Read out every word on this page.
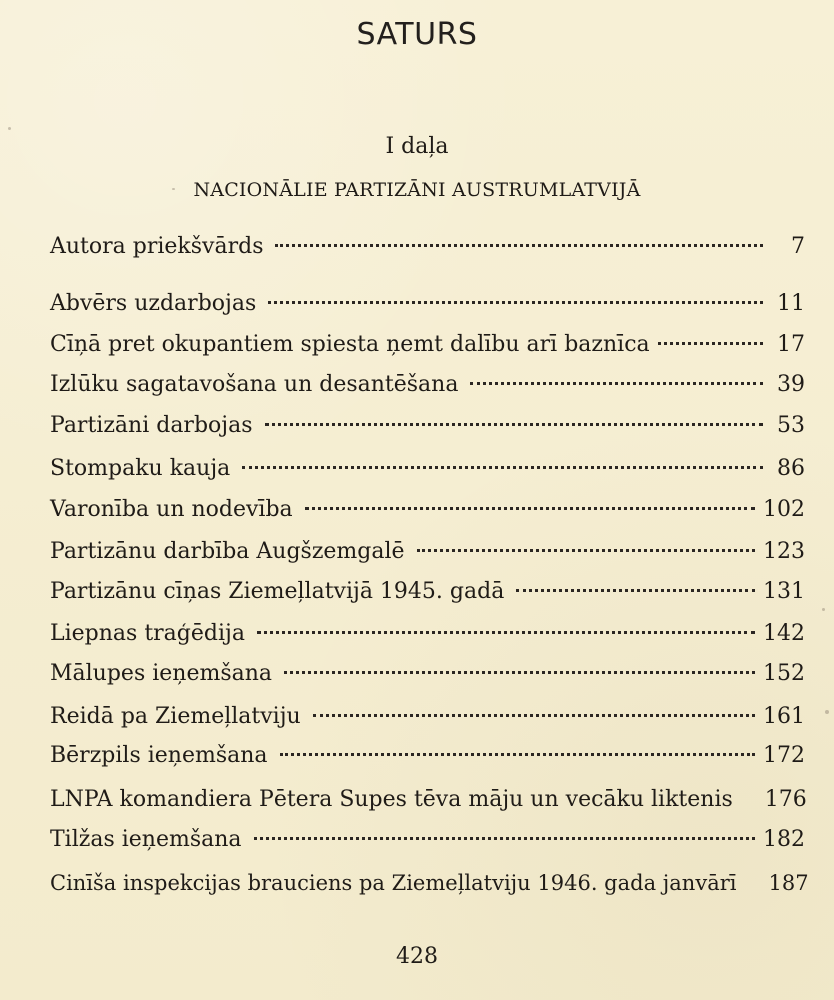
SATURS
I daļa
NACIONĀLIE PARTIZĀNI AUSTRUMLATVIJĀ
Autora priekšvārds	7
Abvērs uzdarbojas	11
Cīņā pret okupantiem spiesta ņemt dalību arī baznīca	17
Izlūku sagatavošana un desantēšana	39
Partizāni darbojas	53
Stompaku kauja	86
Varonība un nodevība	102
Partizānu darbība Augšzemgalē	123
Partizānu cīņas Ziemeļlatvijā 1945. gadā	131
Liepnas traģēdija	142
Mālupes ieņemšana	152
Reidā pa Ziemeļlatviju	161
Bērzpils ieņemšana	172
LNPA komandiera Pētera Supes tēva māju un vecāku liktenis 176
Tilžas ieņemšana	182
Cinīša inspekcijas brauciens pa Ziemeļlatviju 1946. gada janvārī 187
428
